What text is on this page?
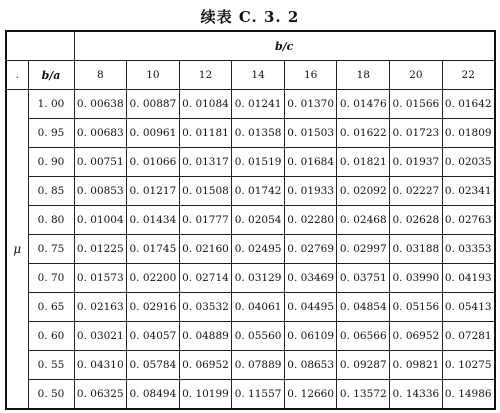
续表 C. 3. 2
		b/c							
.	b/a	8	10	12	14	16	18	20	22
μ	1. 00	0. 00638	0. 00887	0. 01084	0. 01241	0. 01370	0. 01476	0. 01566	0. 01642
	0. 95	0. 00683	0. 00961	0. 01181	0. 01358	0. 01503	0. 01622	0. 01723	0. 01809
	0. 90	0. 00751	0. 01066	0. 01317	0. 01519	0. 01684	0. 01821	0. 01937	0. 02035
	0. 85	0. 00853	0. 01217	0. 01508	0. 01742	0. 01933	0. 02092	0. 02227	0. 02341
	0. 80	0. 01004	0. 01434	0. 01777	0. 02054	0. 02280	0. 02468	0. 02628	0. 02763
	0. 75	0. 01225	0. 01745	0. 02160	0. 02495	0. 02769	0. 02997	0. 03188	0. 03353
	0. 70	0. 01573	0. 02200	0. 02714	0. 03129	0. 03469	0. 03751	0. 03990	0. 04193
	0. 65	0. 02163	0. 02916	0. 03532	0. 04061	0. 04495	0. 04854	0. 05156	0. 05413
	0. 60	0. 03021	0. 04057	0. 04889	0. 05560	0. 06109	0. 06566	0. 06952	0. 07281
	0. 55	0. 04310	0. 05784	0. 06952	0. 07889	0. 08653	0. 09287	0. 09821	0. 10275
	0. 50	0. 06325	0. 08494	0. 10199	0. 11557	0. 12660	0. 13572	0. 14336	0. 14986
